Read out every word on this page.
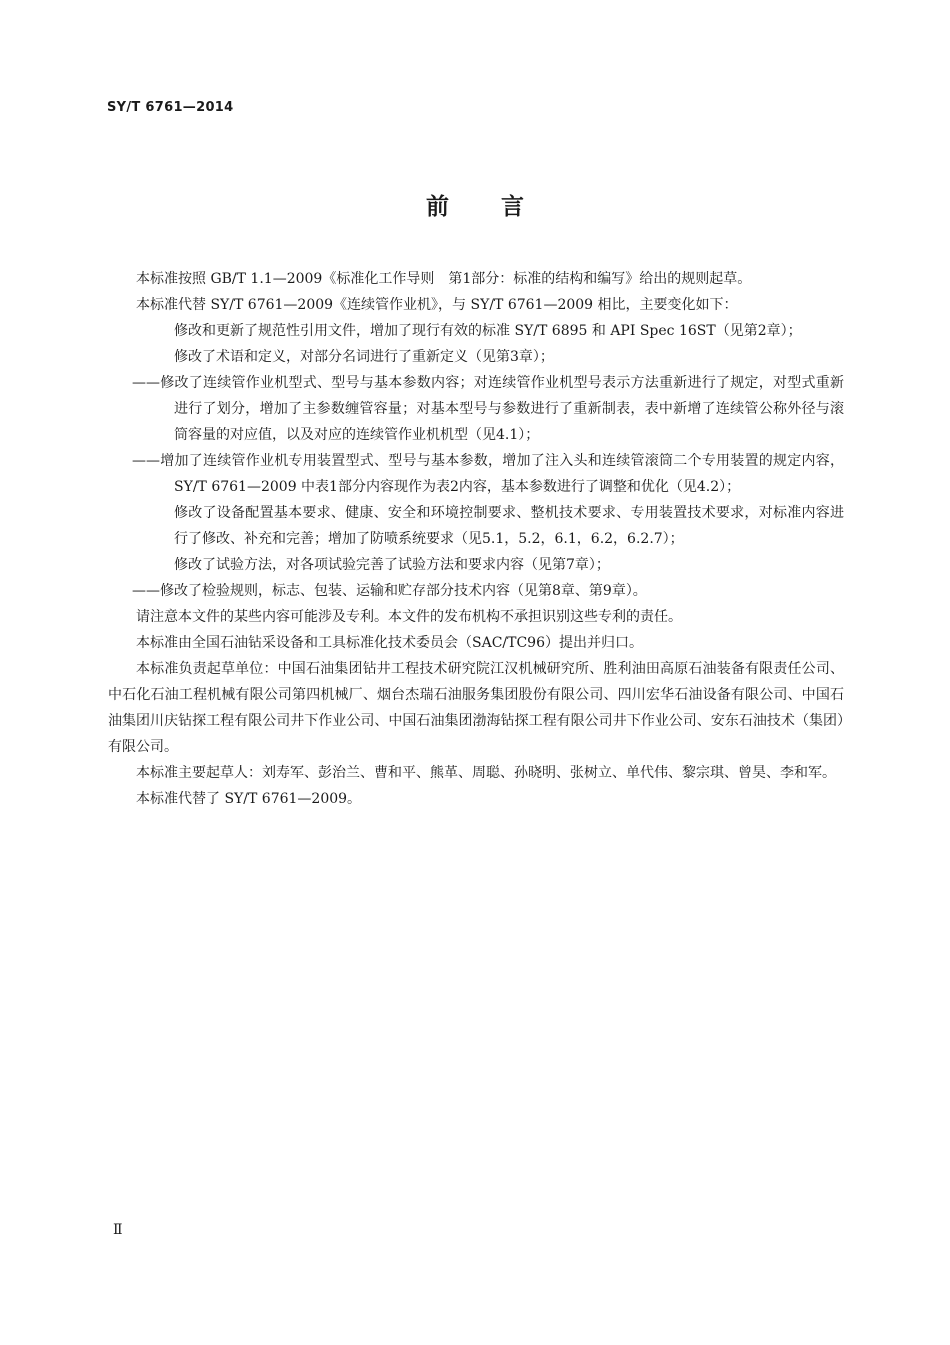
SY/T 6761—2014
前言

本标准按照 GB/T 1.1—2009《标准化工作导则　第1部分：标准的结构和编写》给出的规则起草。

本标准代替 SY/T 6761—2009《连续管作业机》，与 SY/T 6761—2009 相比，主要变化如下：

修改和更新了规范性引用文件，增加了现行有效的标准 SY/T 6895 和 API Spec 16ST（见第2章）；

修改了术语和定义，对部分名词进行了重新定义（见第3章）；

——修改了连续管作业机型式、型号与基本参数内容；对连续管作业机型号表示方法重新进行了规定，对型式重新进行了划分，增加了主参数缠管容量；对基本型号与参数进行了重新制表，表中新增了连续管公称外径与滚筒容量的对应值，以及对应的连续管作业机机型（见4.1）；

——增加了连续管作业机专用装置型式、型号与基本参数，增加了注入头和连续管滚筒二个专用装置的规定内容，SY/T 6761—2009 中表1部分内容现作为表2内容，基本参数进行了调整和优化（见4.2）；

修改了设备配置基本要求、健康、安全和环境控制要求、整机技术要求、专用装置技术要求，对标准内容进行了修改、补充和完善；增加了防喷系统要求（见5.1，5.2，6.1，6.2，6.2.7）；

修改了试验方法，对各项试验完善了试验方法和要求内容（见第7章）；

——修改了检验规则，标志、包装、运输和贮存部分技术内容（见第8章、第9章）。

请注意本文件的某些内容可能涉及专利。本文件的发布机构不承担识别这些专利的责任。

本标准由全国石油钻采设备和工具标准化技术委员会（SAC/TC96）提出并归口。

本标准负责起草单位：中国石油集团钻井工程技术研究院江汉机械研究所、胜利油田高原石油装备有限责任公司、中石化石油工程机械有限公司第四机械厂、烟台杰瑞石油服务集团股份有限公司、四川宏华石油设备有限公司、中国石油集团川庆钻探工程有限公司井下作业公司、中国石油集团渤海钻探工程有限公司井下作业公司、安东石油技术（集团）有限公司。

本标准主要起草人：刘寿军、彭治兰、曹和平、熊革、周聪、孙晓明、张树立、单代伟、黎宗琪、曾昊、李和军。

本标准代替了 SY/T 6761—2009。

Ⅱ
